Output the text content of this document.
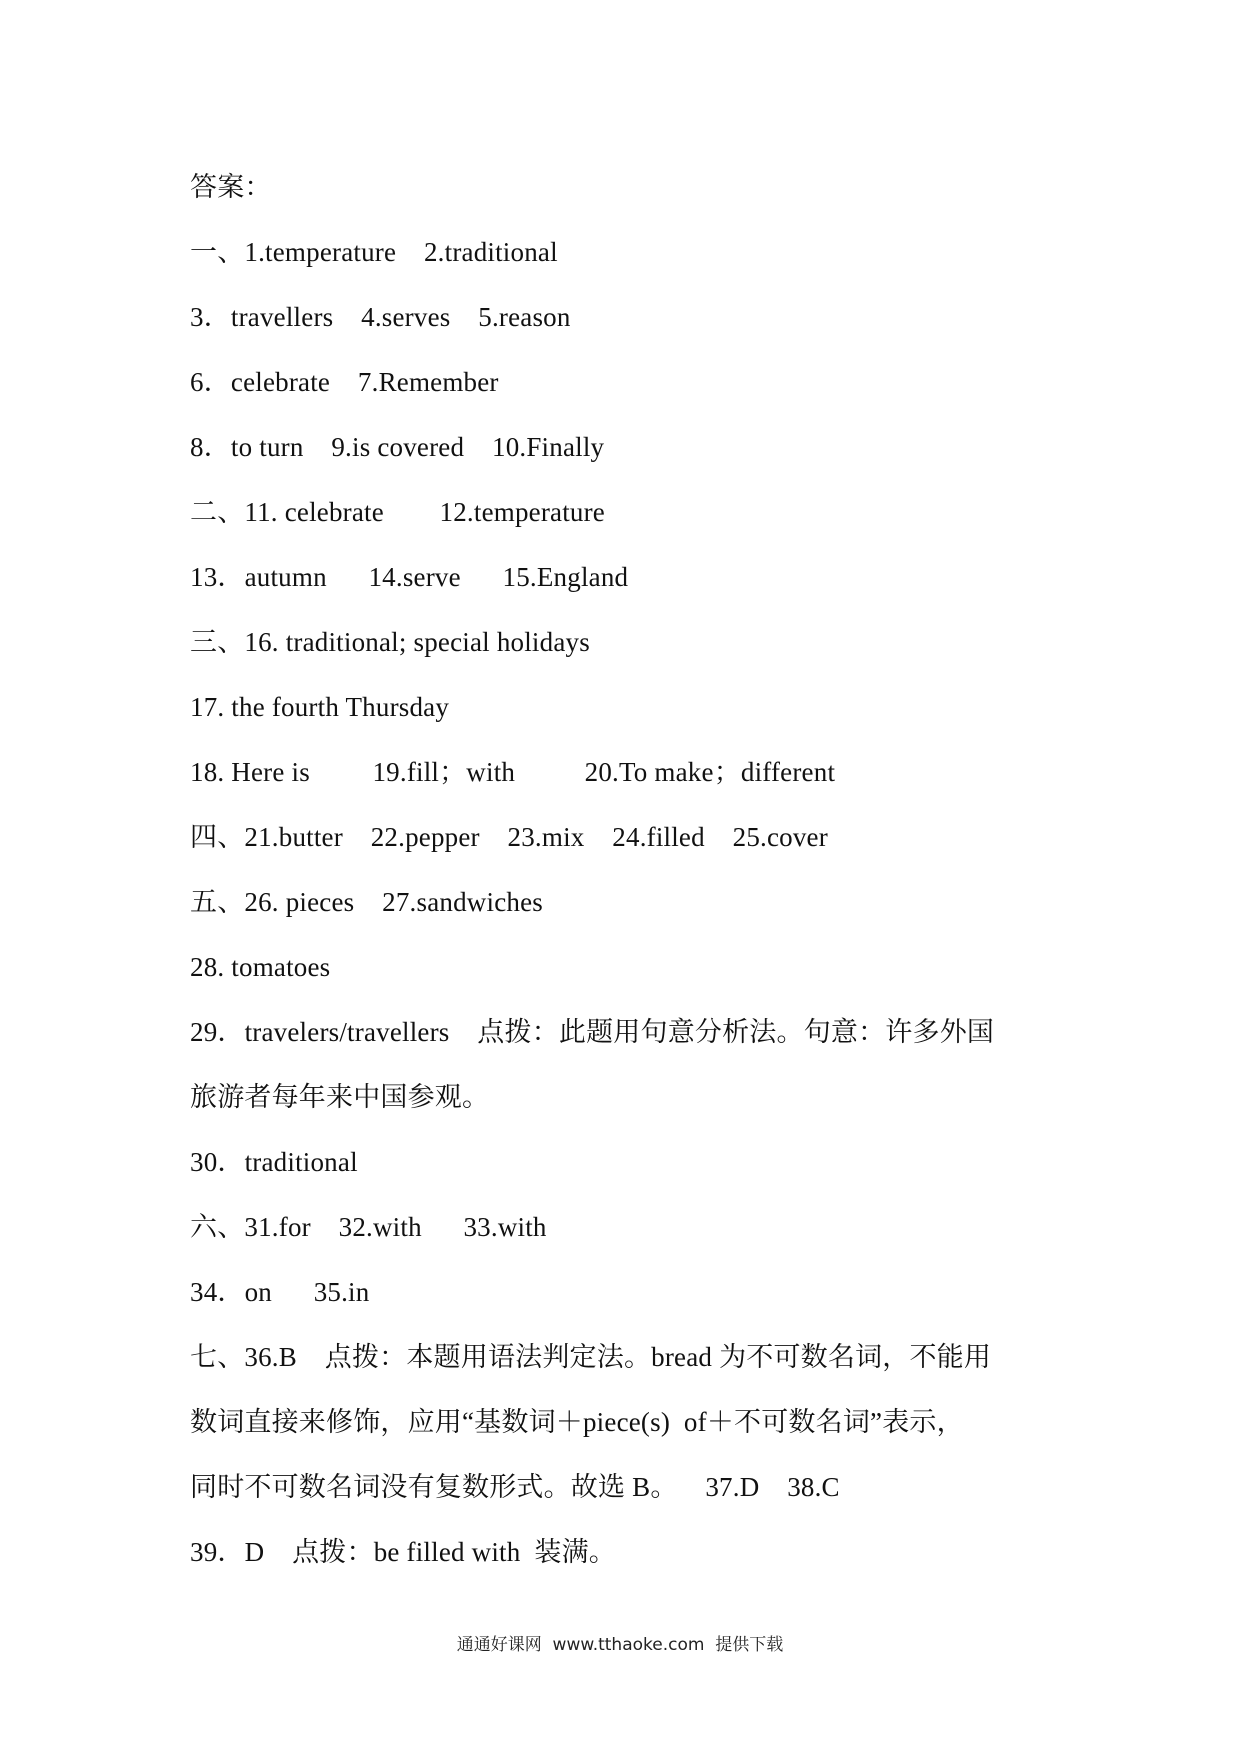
答案：
一、1.temperature    2.traditional
3．travellers    4.serves    5.reason
6．celebrate    7.Remember
8．to turn    9.is covered    10.Finally
二、11. celebrate        12.temperature
13．autumn      14.serve      15.England
三、16. traditional; special holidays
17. the fourth Thursday
18. Here is         19.fill；with          20.To make；different
四、21.butter    22.pepper    23.mix    24.filled    25.cover
五、26. pieces    27.sandwiches
28. tomatoes
29．travelers/travellers    点拨：此题用句意分析法。句意：许多外国
旅游者每年来中国参观。
30．traditional
六、31.for    32.with      33.with
34．on      35.in
七、36.B    点拨：本题用语法判定法。bread 为不可数名词，不能用
数词直接来修饰，应用“基数词＋piece(s)  of＋不可数名词”表示，
同时不可数名词没有复数形式。故选 B。    37.D    38.C
39．D    点拨：be filled with  装满。
通通好课网  www.tthaoke.com  提供下载
